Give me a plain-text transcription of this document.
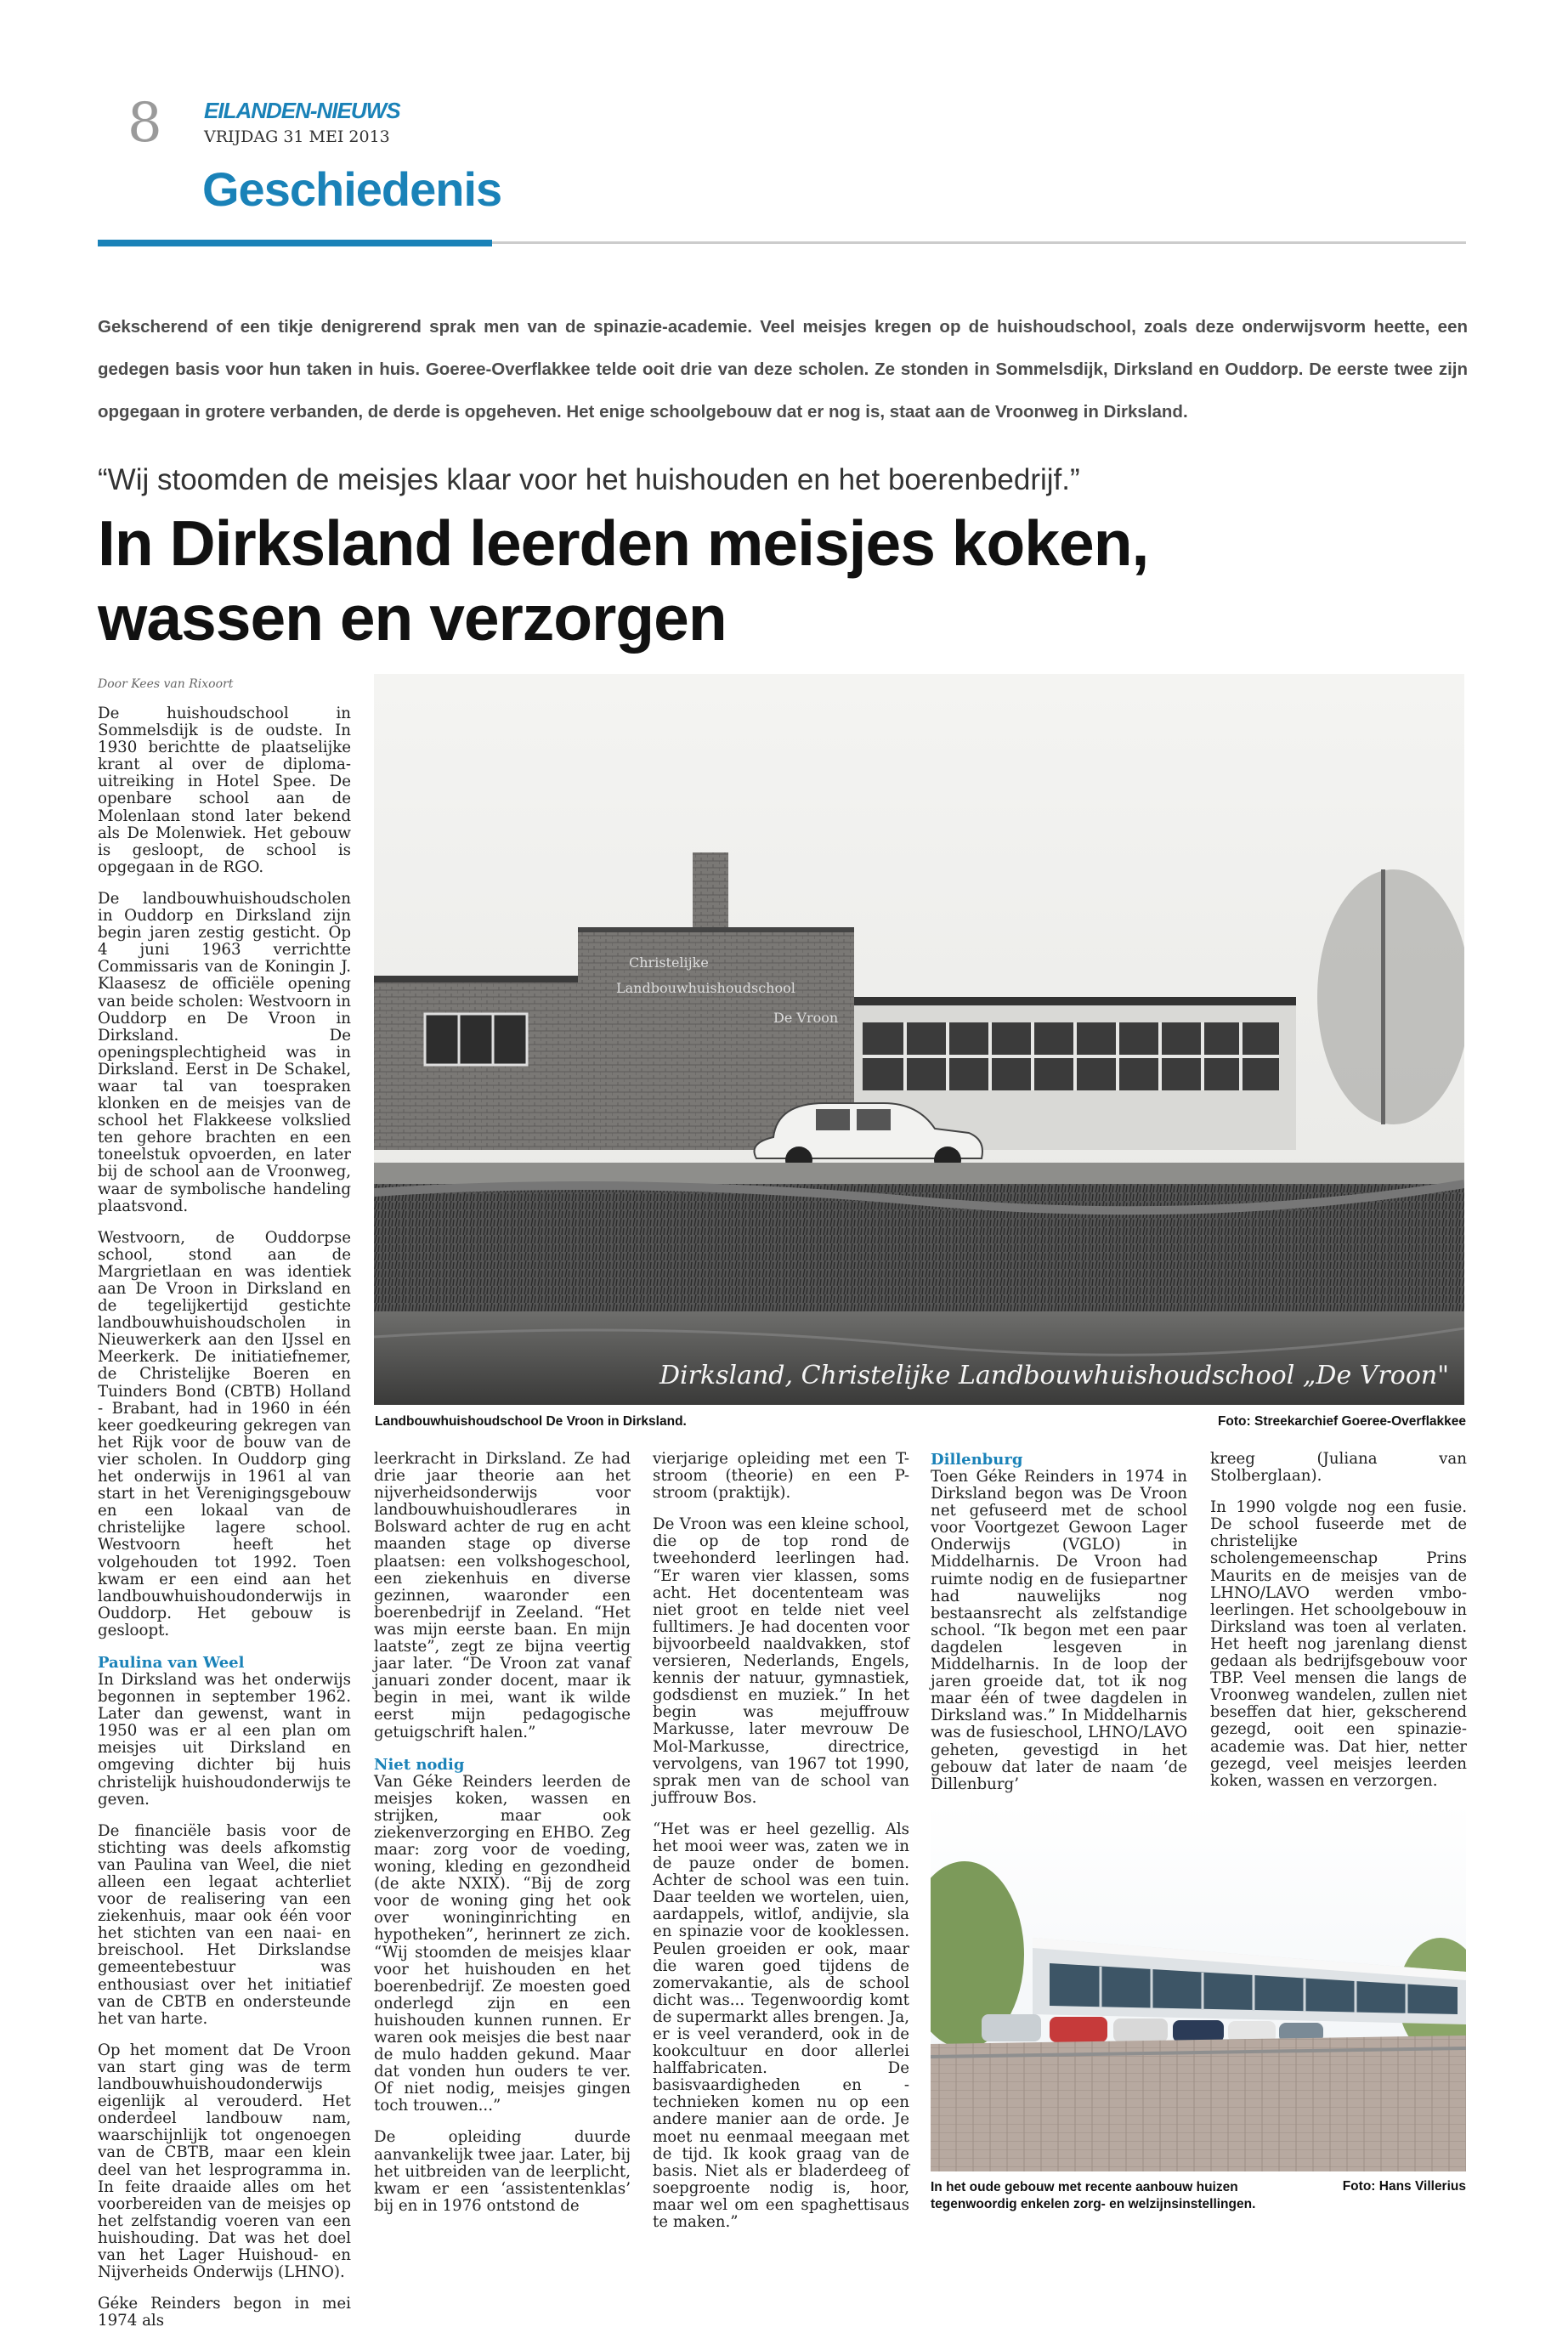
8 EILANDEN-NIEUWS
VRIJDAG 31 MEI 2013
Geschiedenis
Gekscherend of een tikje denigrerend sprak men van de spinazie-academie. Veel meisjes kregen op de huishoudschool, zoals deze onderwijsvorm heette, een gedegen basis voor hun taken in huis. Goeree-Overflakkee telde ooit drie van deze scholen. Ze stonden in Sommelsdijk, Dirksland en Ouddorp. De eerste twee zijn opgegaan in grotere verbanden, de derde is opgeheven. Het enige schoolgebouw dat er nog is, staat aan de Vroonweg in Dirksland.
“Wij stoomden de meisjes klaar voor het huishouden en het boerenbedrijf.”
In Dirksland leerden meisjes koken, wassen en verzorgen
Door Kees van Rixoort

De huishoudschool in Sommelsdijk is de oudste. In 1930 berichtte de plaatselijke krant al over de diploma-uitreiking in Hotel Spee. De openbare school aan de Molenlaan stond later bekend als De Molenwiek. Het gebouw is gesloopt, de school is opgegaan in de RGO.

De landbouwhuishoudscholen in Ouddorp en Dirksland zijn begin jaren zestig gesticht. Op 4 juni 1963 verrichtte Commissaris van de Koningin J. Klaasesz de officiële opening van beide scholen: Westvoorn in Ouddorp en De Vroon in Dirksland. De openingsplechtigheid was in Dirksland. Eerst in De Schakel, waar tal van toespraken klonken en de meisjes van de school het Flakkeese volkslied ten gehore brachten en een toneelstuk opvoerden, en later bij de school aan de Vroonweg, waar de symbolische handeling plaatsvond.

Westvoorn, de Ouddorpse school, stond aan de Margrietlaan en was identiek aan De Vroon in Dirksland en de tegelijkertijd gestichte landbouwhuishoudscholen in Nieuwerkerk aan den IJssel en Meerkerk. De initiatiefnemer, de Christelijke Boeren en Tuinders Bond (CBTB) Holland - Brabant, had in 1960 in één keer goedkeuring gekregen van het Rijk voor de bouw van de vier scholen. In Ouddorp ging het onderwijs in 1961 al van start in het Verenigingsgebouw en een lokaal van de christelijke lagere school. Westvoorn heeft het volgehouden tot 1992. Toen kwam er een eind aan het landbouwhuishoudonderwijs in Ouddorp. Het gebouw is gesloopt.

Paulina van Weel

In Dirksland was het onderwijs begonnen in september 1962. Later dan gewenst, want in 1950 was er al een plan om meisjes uit Dirksland en omgeving dichter bij huis christelijk huishoudonderwijs te geven.

De financiële basis voor de stichting was deels afkomstig van Paulina van Weel, die niet alleen een legaat achterliet voor de realisering van een ziekenhuis, maar ook één voor het stichten van een naai- en breischool. Het Dirkslandse gemeentebestuur was enthousiast over het initiatief van de CBTB en ondersteunde het van harte.

Op het moment dat De Vroon van start ging was de term landbouwhuishoudonderwijs eigenlijk al verouderd. Het onderdeel landbouw nam, waarschijnlijk tot ongenoegen van de CBTB, maar een klein deel van het lesprogramma in. In feite draaide alles om het voorbereiden van de meisjes op het zelfstandig voeren van een huishouding. Dat was het doel van het Lager Huishoud- en Nijverheids Onderwijs (LHNO).

Géke Reinders begon in mei 1974 als

Christelijke
Landbouwhuishoudschool
De Vroon
Dirksland, Christelijke Landbouwhuishoudschool „De Vroon"
Landbouwhuishoudschool De Vroon in Dirksland.	Foto: Streekarchief Goeree-Overflakkee

leerkracht in Dirksland. Ze had drie jaar theorie aan het nijverheidsonderwijs voor landbouwhuishoudlerares in Bolsward achter de rug en acht maanden stage op diverse plaatsen: een volkshogeschool, een ziekenhuis en diverse gezinnen, waaronder een boerenbedrijf in Zeeland. “Het was mijn eerste baan. En mijn laatste”, zegt ze bijna veertig jaar later. “De Vroon zat vanaf januari zonder docent, maar ik begin in mei, want ik wilde eerst mijn pedagogische getuigschrift halen.”

Niet nodig

Van Géke Reinders leerden de meisjes koken, wassen en strijken, maar ook ziekenverzorging en EHBO. Zeg maar: zorg voor de voeding, woning, kleding en gezondheid (de akte NXIX). “Bij de zorg voor de woning ging het ook over woninginrichting en hypotheken”, herinnert ze zich. “Wij stoomden de meisjes klaar voor het huishouden en het boerenbedrijf. Ze moesten goed onderlegd zijn en een huishouden kunnen runnen. Er waren ook meisjes die best naar de mulo hadden gekund. Maar dat vonden hun ouders te ver. Of niet nodig, meisjes gingen toch trouwen...”

De opleiding duurde aanvankelijk twee jaar. Later, bij het uitbreiden van de leerplicht, kwam er een ‘assistentenklas’ bij en in 1976 ontstond de

vierjarige opleiding met een T-stroom (theorie) en een P-stroom (praktijk).

De Vroon was een kleine school, die op de top rond de tweehonderd leerlingen had. “Er waren vier klassen, soms acht. Het docententeam was niet groot en telde niet veel fulltimers. Je had docenten voor bijvoorbeeld naaldvakken, stof versieren, Nederlands, Engels, kennis der natuur, gymnastiek, godsdienst en muziek.” In het begin was mejuffrouw Markusse, later mevrouw De Mol-Markusse, directrice, vervolgens, van 1967 tot 1990, sprak men van de school van juffrouw Bos.

“Het was er heel gezellig. Als het mooi weer was, zaten we in de pauze onder de bomen. Achter de school was een tuin. Daar teelden we wortelen, uien, aardappels, witlof, andijvie, sla en spinazie voor de kooklessen. Peulen groeiden er ook, maar die waren goed tijdens de zomervakantie, als de school dicht was... Tegenwoordig komt de supermarkt alles brengen. Ja, er is veel veranderd, ook in de kookcultuur en door allerlei halffabricaten. De basisvaardigheden en -technieken komen nu op een andere manier aan de orde. Je moet nu eenmaal meegaan met de tijd. Ik kook graag van de basis. Niet als er bladerdeeg of soepgroente nodig is, hoor, maar wel om een spaghettisaus te maken.”

Dillenburg

Toen Géke Reinders in 1974 in Dirksland begon was De Vroon net gefuseerd met de school voor Voortgezet Gewoon Lager Onderwijs (VGLO) in Middelharnis. De Vroon had ruimte nodig en de fusiepartner had nauwelijks nog bestaansrecht als zelfstandige school. “Ik begon met een paar dagdelen lesgeven in Middelharnis. In de loop der jaren groeide dat, tot ik nog maar één of twee dagdelen in Dirksland was.” In Middelharnis was de fusieschool, LHNO/LAVO geheten, gevestigd in het gebouw dat later de naam ‘de Dillenburg’

kreeg (Juliana van Stolberglaan).

In 1990 volgde nog een fusie. De school fuseerde met de christelijke scholengemeenschap Prins Maurits en de meisjes van de LHNO/LAVO werden vmbo-leerlingen. Het schoolgebouw in Dirksland was toen al verlaten. Het heeft nog jarenlang dienst gedaan als bedrijfsgebouw voor TBP. Veel mensen die langs de Vroonweg wandelen, zullen niet beseffen dat hier, gekscherend gezegd, ooit een spinazie-academie was. Dat hier, netter gezegd, veel meisjes leerden koken, wassen en verzorgen.

In het oude gebouw met recente aanbouw huizen
tegenwoordig enkelen zorg- en welzijnsinstellingen.
Foto: Hans Villerius
